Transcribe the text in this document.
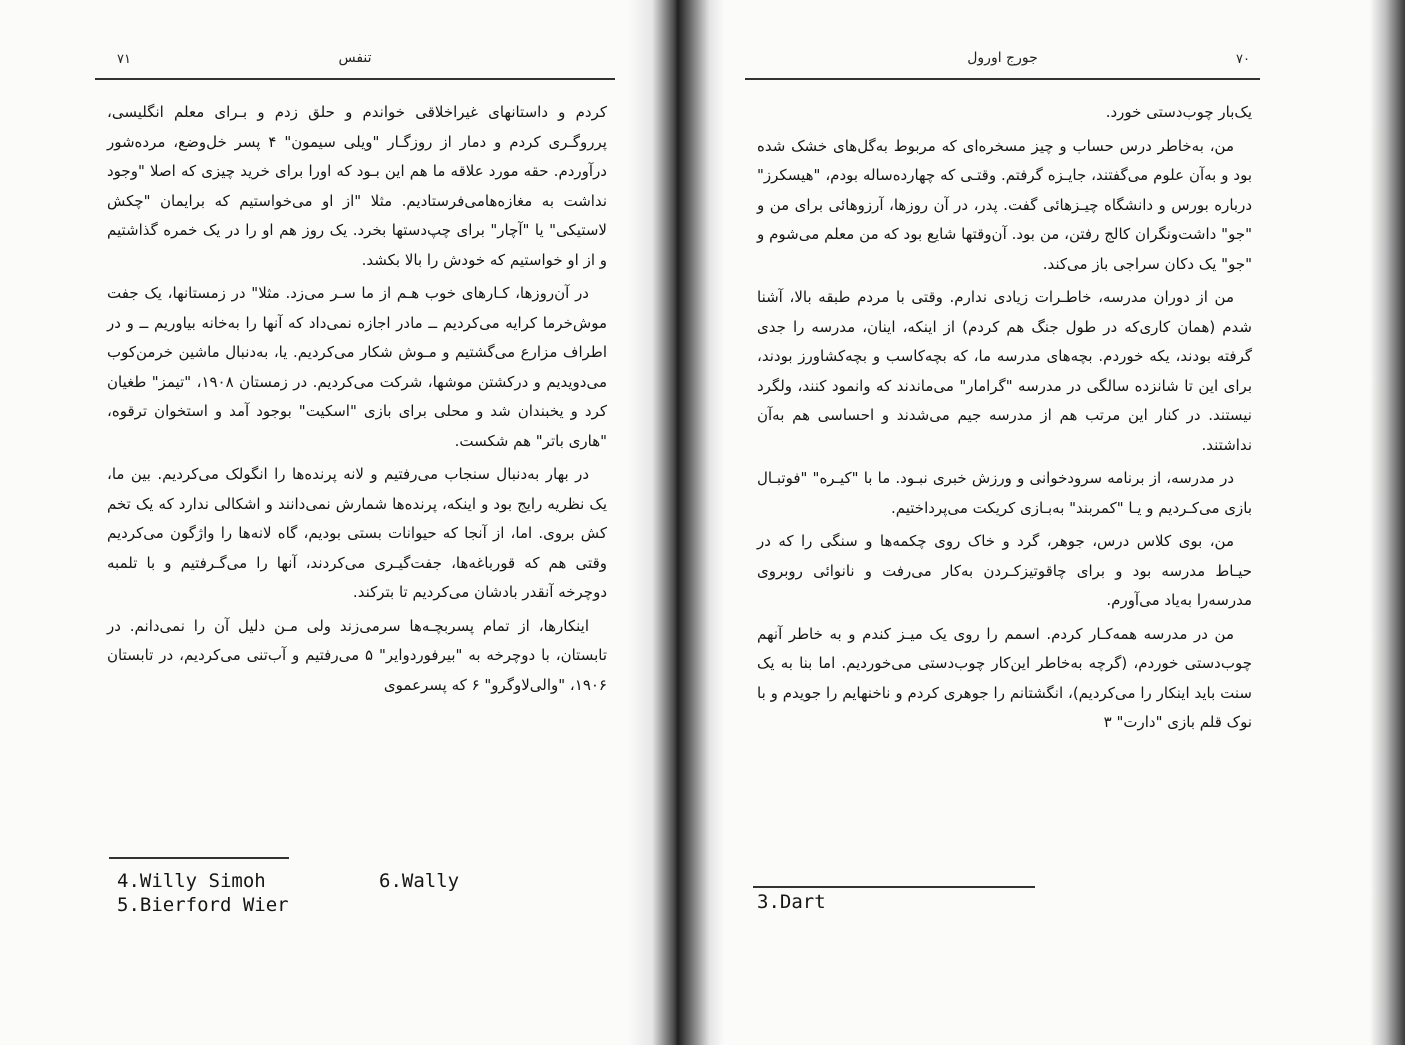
۷۱	تنفس

کردم و داستانهای غیراخلاقی خواندم و حلق زدم و بـرای معلم انگلیسی، پرروگـری کردم و دمار از روزگـار "ویلی سیمون" ۴ پسر خل‌وضع، مرده‌شور درآوردم. حقه مورد علاقه ما هم این بـود که اورا برای خرید چیزی که اصلا "وجود نداشت به مغازه‌هامی‌فرستادیم. مثلا "از او می‌خواستیم که برایمان "چکش لاستیکی" یا "آچار" برای چپ‌دستها بخرد. یک روز هم او را در یک خمره گذاشتیم و از او خواستیم که خودش را بالا بکشد.

در آن‌روزها، کـارهای خوب هـم از ما سـر می‌زد. مثلا" در زمستانها، یک جفت موش‌خرما کرایه می‌کردیم ــ مادر اجازه نمی‌داد که آنها را به‌خانه بیاوریم ــ و در اطراف مزارع می‌گشتیم و مـوش شکار می‌کردیم. یا، به‌دنبال ماشین خرمن‌کوب می‌دویدیم و درکشتن موشها، شرکت می‌کردیم. در زمستان ۱۹۰۸، "تیمز" طغیان کرد و یخبندان شد و محلی برای بازی "اسکیت" بوجود آمد و استخوان ترقوه، "هاری باتر" هم شکست.

در بهار به‌دنبال سنجاب می‌رفتیم و لانه پرنده‌ها را انگولک می‌کردیم. بین ما، یک نظریه رایج بود و اینکه، پرنده‌ها شمارش نمی‌دانند و اشکالی ندارد که یک تخم کش بروی. اما، از آنجا که حیوانات بستی بودیم، گاه لانه‌ها را واژگون می‌کردیم وقتی هم که قورباغه‌ها، جفت‌گیـری می‌کردند، آنها را می‌گـرفتیم و با تلمبه دوچرخه آنقدر بادشان می‌کردیم تا بترکند.

اینکارها، از تمام پسربچـه‌ها سرمی‌زند ولی مـن دلیل آن را نمی‌دانم. در تابستان، با دوچرخه به "بیرفوردوایر" ۵ می‌رفتیم و آب‌تنی می‌کردیم، در تابستان ۱۹۰۶، "والی‌لاوگرو" ۶ که پسرعموی

4.Willy Simoh	6.Wally
5.Bierford Wier
۷۰
جورج اورول

یک‌بار چوب‌دستی خورد.

من، به‌خاطر درس حساب و چیز مسخره‌ای که مربوط به‌گل‌های خشک شده بود و به‌آن علوم می‌گفتند، جایـزه گرفتم. وقتـی که چهارده‌ساله بودم، "هیسکرز" درباره بورس و دانشگاه چیـزهائی گفت. پدر، در آن روزها، آرزوهائی برای من و "جو" داشت‌ونگران کالج رفتن، من بود. آن‌وقتها شایع بود که من معلم می‌شوم و "جو" یک دکان سراجی باز می‌کند.

من از دوران مدرسه، خاطـرات زیادی ندارم. وقتی با مردم طبقه بالا، آشنا شدم (همان کاری‌که در طول جنگ هم کردم) از اینکه، اینان، مدرسه را جدی گرفته بودند، یکه خوردم. بچه‌های مدرسه ما، که بچه‌کاسب و بچه‌کشاورز بودند، برای این تا شانزده سالگی در مدرسه "گرامار" می‌ماندند که وانمود کنند، ولگرد نیستند. در کنار این مرتب هم از مدرسه جیم می‌شدند و احساسی هم به‌آن نداشتند.

در مدرسه، از برنامه سرودخوانی و ورزش خبری نبـود. ما با "کیـره" "فوتبـال بازی می‌کـردیم و یـا "کمربند" به‌بـازی کریکت می‌پرداختیم.

من، بوی کلاس درس، جوهر، گرد و خاک روی چکمه‌ها و سنگی را که در حیـاط مدرسه بود و برای چاقوتیزکـردن به‌کار می‌رفت و نانوائی روبروی مدرسه‌را به‌یاد می‌آورم.

من در مدرسه همه‌کـار کردم. اسمم را روی یک میـز کندم و به خاطر آنهم چوب‌دستی خوردم، (گرچه به‌خاطر این‌کار چوب‌دستی می‌خوردیم. اما بنا به یک سنت باید اینکار را می‌کردیم)، انگشتانم را جوهری کردم و ناخنهایم را جویدم و با نوک قلم بازی "دارت" ۳

3.Dart
